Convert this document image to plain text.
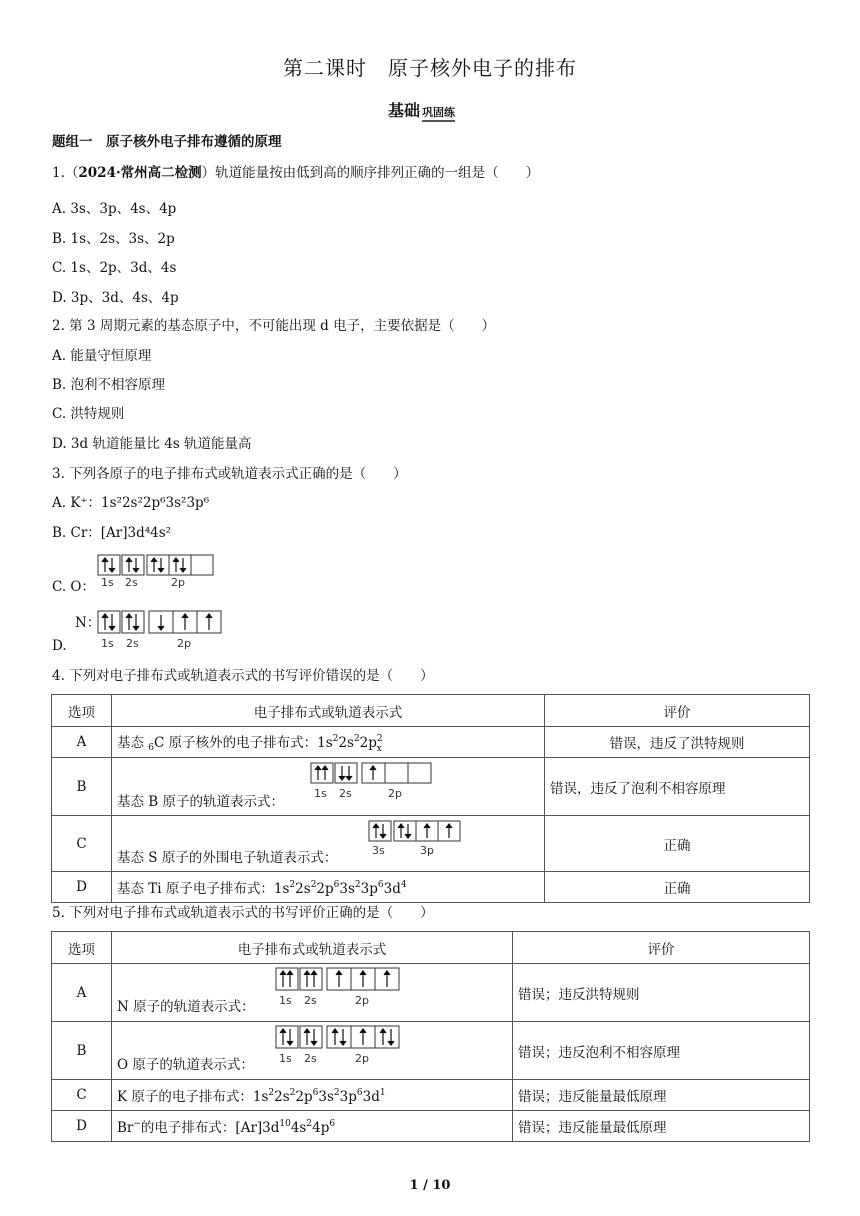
第二课时　原子核外电子的排布
基础 巩固练
题组一　原子核外电子排布遵循的原理
1.（2024·常州高二检测）轨道能量按由低到高的顺序排列正确的一组是（　　）
A. 3s、3p、4s、4p
B. 1s、2s、3s、2p
C. 1s、2p、3d、4s
D. 3p、3d、4s、4p
2. 第 3 周期元素的基态原子中，不可能出现 d 电子，主要依据是（　　）
A. 能量守恒原理
B. 泡利不相容原理
C. 洪特规则
D. 3d 轨道能量比 4s 轨道能量高
3. 下列各原子的电子排布式或轨道表示式正确的是（　　）
A. K⁺：1s²2s²2p⁶3s²3p⁶
B. Cr：[Ar]3d⁴4s²
C. O： 1s 2s	2p
N：
D.	1s 2s	2p
4. 下列对电子排布式或轨道表示式的书写评价错误的是（　　）
选项	电子排布式或轨道表示式	评价
A	基态 $_6$C 原子核外的电子排布式：$1s^22s^22p^2_x$	错误，违反了洪特规则
B	基态 B 原子的轨道表示式： 1s 2s 2p	错误，违反了泡利不相容原理
C	基态 S 原子的外围电子轨道表示式： 3s 3p	正确
D	基态 Ti 原子电子排布式：$1s^22s^22p^63s^23p^63d^4$	正确
5. 下列对电子排布式或轨道表示式的书写评价正确的是（　　）
选项	电子排布式或轨道表示式	评价
A	N 原子的轨道表示式： 1s 2s 2p	错误；违反洪特规则
B	O 原子的轨道表示式： 1s 2s 2p	错误；违反泡利不相容原理
C	K 原子的电子排布式：$1s^22s^22p^63s^23p^63d^1$	错误；违反能量最低原理
D	Br−的电子排布式：$[Ar]3d^{10}4s^24p^6$	错误；违反能量最低原理
1 / 10
